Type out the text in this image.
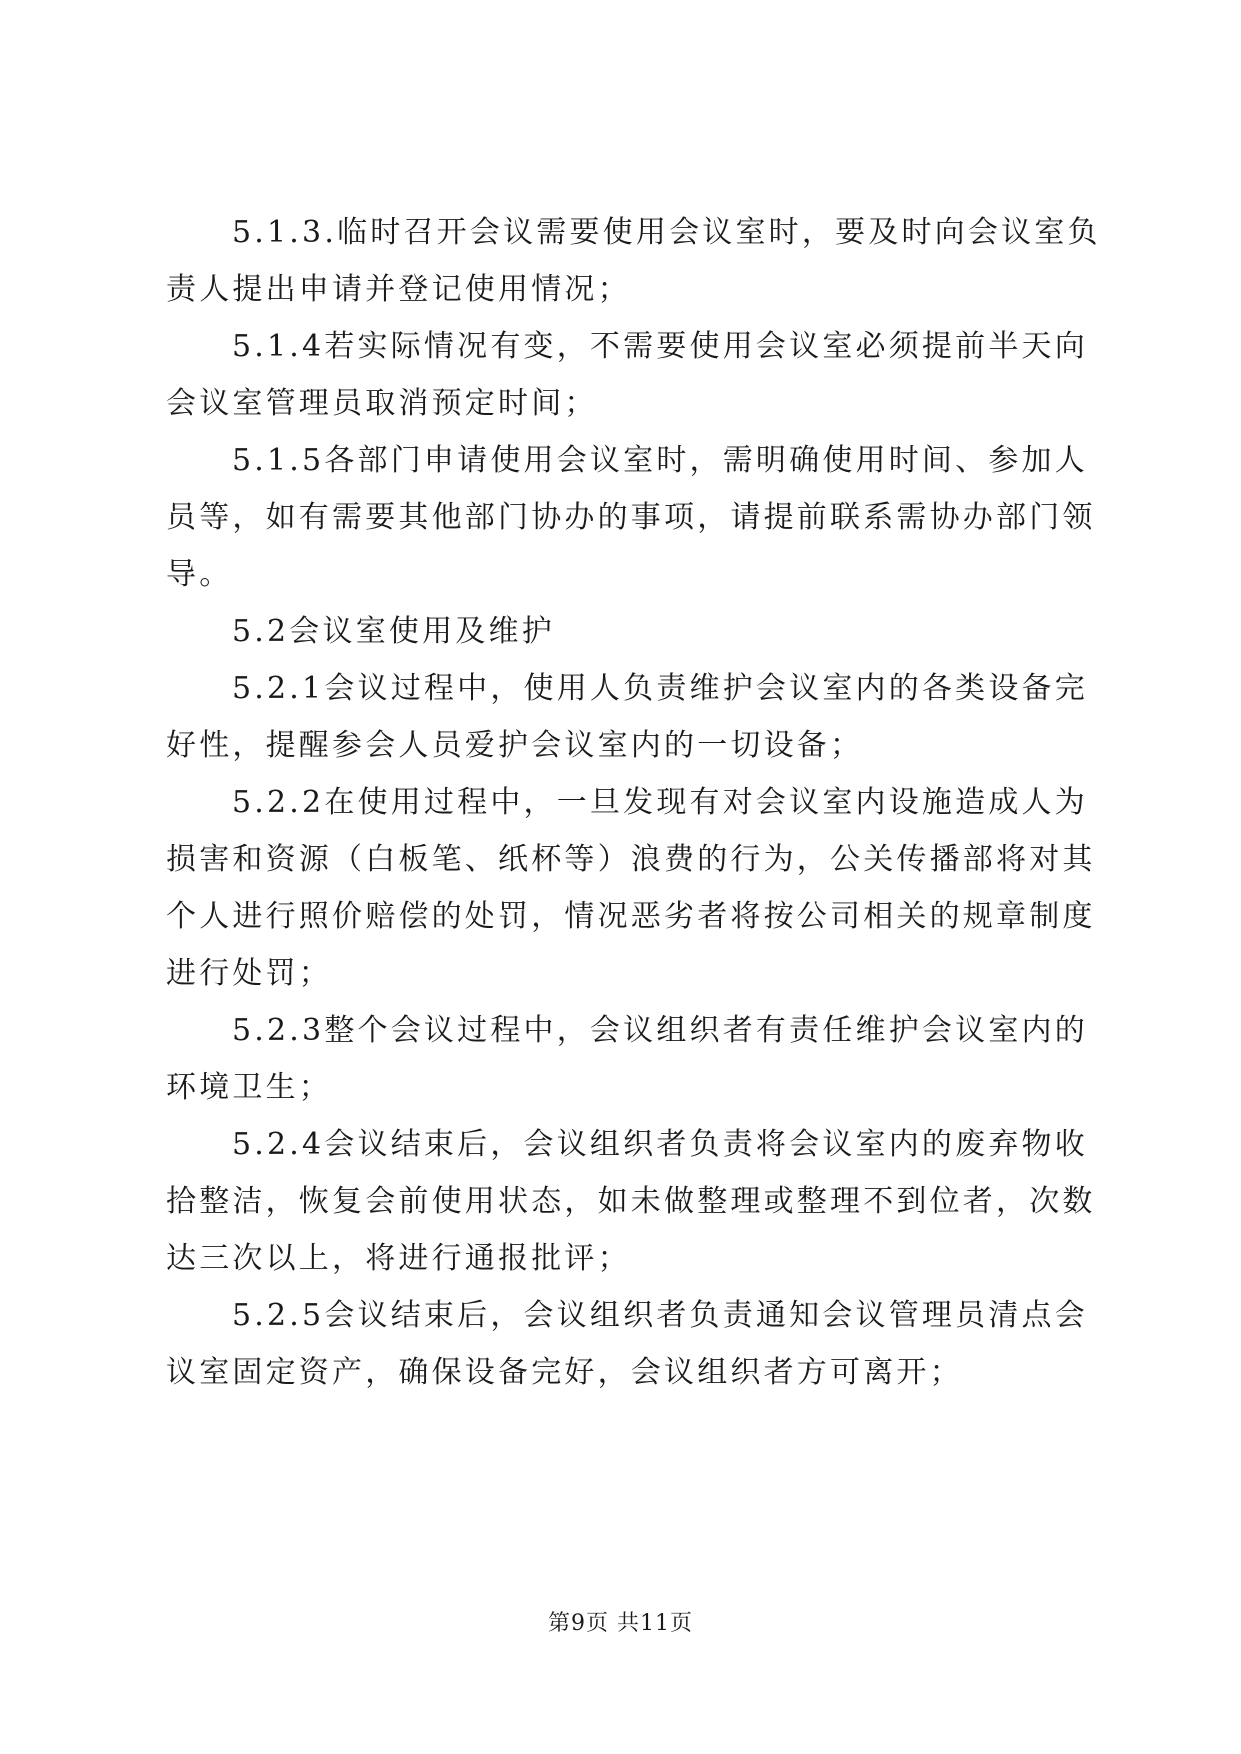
5.1.3.临时召开会议需要使用会议室时，要及时向会议室负
责人提出申请并登记使用情况；
5.1.4若实际情况有变，不需要使用会议室必须提前半天向
会议室管理员取消预定时间；
5.1.5各部门申请使用会议室时，需明确使用时间、参加人
员等，如有需要其他部门协办的事项，请提前联系需协办部门领
导。
5.2会议室使用及维护
5.2.1会议过程中，使用人负责维护会议室内的各类设备完
好性，提醒参会人员爱护会议室内的一切设备；
5.2.2在使用过程中，一旦发现有对会议室内设施造成人为
损害和资源（白板笔、纸杯等）浪费的行为，公关传播部将对其
个人进行照价赔偿的处罚，情况恶劣者将按公司相关的规章制度
进行处罚；
5.2.3整个会议过程中，会议组织者有责任维护会议室内的
环境卫生；
5.2.4会议结束后，会议组织者负责将会议室内的废弃物收
拾整洁，恢复会前使用状态，如未做整理或整理不到位者，次数
达三次以上，将进行通报批评；
5.2.5会议结束后，会议组织者负责通知会议管理员清点会
议室固定资产，确保设备完好，会议组织者方可离开；
第9页 共11页
